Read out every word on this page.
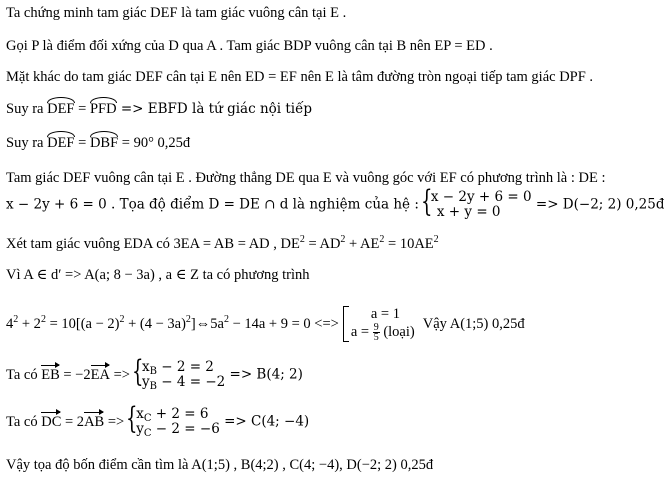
Ta chứng minh tam giác DEF là tam giác vuông cân tại E .
Gọi P là điểm đối xứng của D qua A . Tam giác BDP vuông cân tại B nên EP = ED .
Mặt khác do tam giác DEF cân tại E nên ED = EF nên E là tâm đường tròn ngoại tiếp tam giác DPF .
Suy ra DEF = PFD => EBFD là tứ giác nội tiếp
Suy ra DEF = DBF = 90° 0,25đ
Tam giác DEF vuông cân tại E . Đường thẳng DE qua E và vuông góc với EF có phương trình là : DE :
x − 2y + 6 = 0 . Tọa độ điểm D = DE ∩ d là nghiệm của hệ : {
x − 2y + 6 = 0
x + y = 0	=> D(−2; 2) 0,25đ
Xét tam giác vuông EDA có 3EA = AB = AD , $DE^2 = AD^2 + AE^2 = 10AE^2$
Vì A ∈ d′ => A(a; 8 − 3a) , a ∈ Z ta có phương trình
$4^2 + 2^2 = 10[(a - 2)^2 + (4$ − $3a)^2]\Leftrightarrow 5a^2 - 14a + 9 = 0$ <=>
a = 1
$a = \frac{9}{5}$ (loại)
Vậy A(1;5) 0,25đ
Ta có EB = −2EA => {
$x_B - 2 = 2$
$y_B - 4 = -2 => B(4$; 2)
Ta có DC = 2AB => {
$x_C + 2 = 6$
$y_C - 2 = -6 => C(4$; −4)
Vậy tọa độ bốn điểm cần tìm là A(1;5) , B(4;2) , C(4; −4), D(−2; 2) 0,25đ
